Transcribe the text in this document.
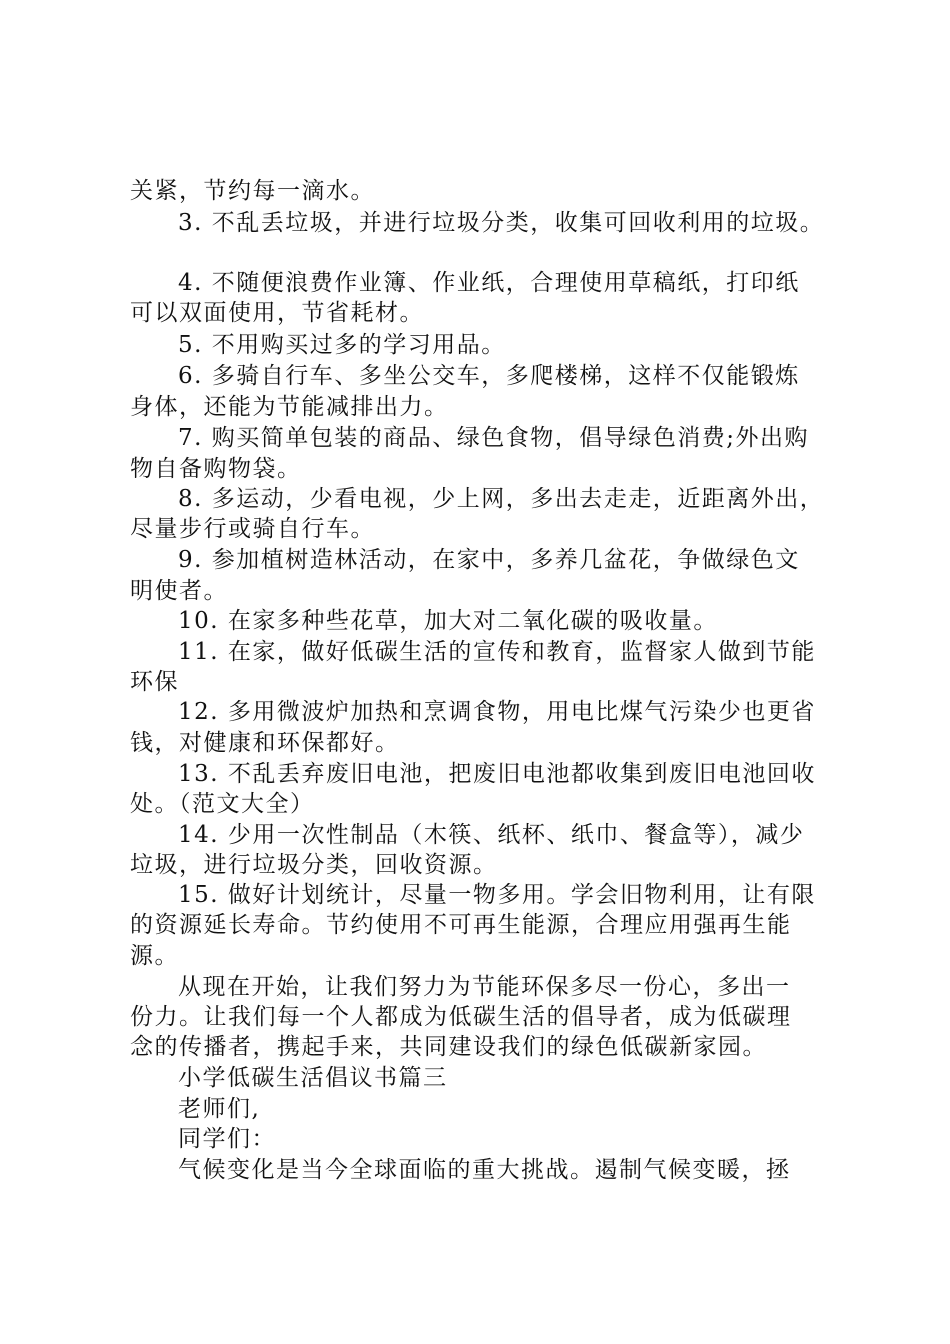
关紧，节约每一滴水。
3. 不乱丢垃圾，并进行垃圾分类，收集可回收利用的垃圾。
4. 不随便浪费作业簿、作业纸，合理使用草稿纸，打印纸
可以双面使用，节省耗材。
5. 不用购买过多的学习用品。
6. 多骑自行车、多坐公交车，多爬楼梯，这样不仅能锻炼
身体，还能为节能减排出力。
7. 购买简单包装的商品、绿色食物，倡导绿色消费;外出购
物自备购物袋。
8. 多运动，少看电视，少上网，多出去走走，近距离外出，
尽量步行或骑自行车。
9. 参加植树造林活动，在家中，多养几盆花，争做绿色文
明使者。
10. 在家多种些花草，加大对二氧化碳的吸收量。
11. 在家，做好低碳生活的宣传和教育，监督家人做到节能
环保
12. 多用微波炉加热和烹调食物，用电比煤气污染少也更省
钱，对健康和环保都好。
13. 不乱丢弃废旧电池，把废旧电池都收集到废旧电池回收
处。（范文大全）
14. 少用一次性制品（木筷、纸杯、纸巾、餐盒等），减少
垃圾，进行垃圾分类，回收资源。
15. 做好计划统计，尽量一物多用。学会旧物利用，让有限
的资源延长寿命。节约使用不可再生能源，合理应用强再生能
源。
从现在开始，让我们努力为节能环保多尽一份心，多出一
份力。让我们每一个人都成为低碳生活的倡导者，成为低碳理
念的传播者，携起手来，共同建设我们的绿色低碳新家园。
小学低碳生活倡议书篇三
老师们,
同学们：
气候变化是当今全球面临的重大挑战。遏制气候变暖，拯
